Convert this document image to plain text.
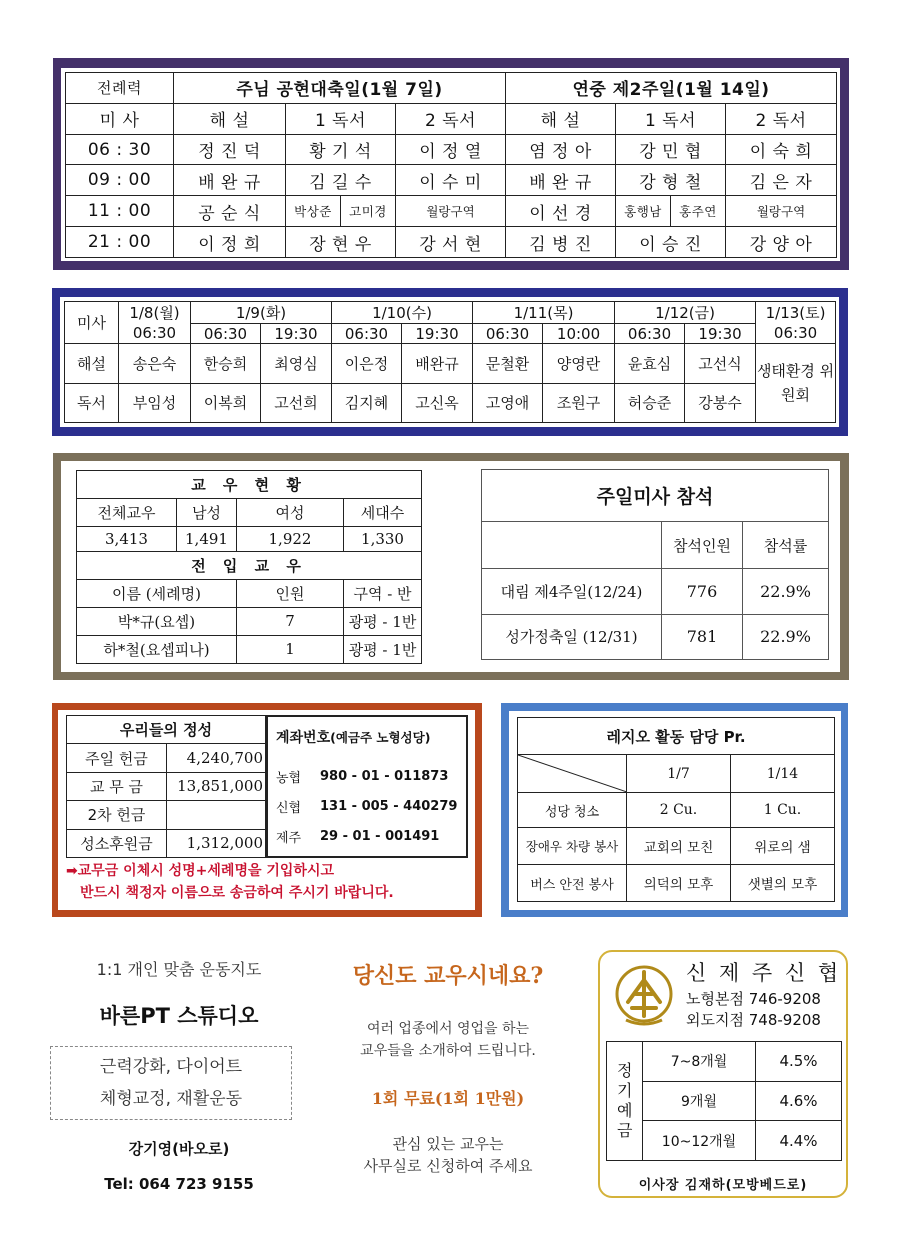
전례력	주님 공현대축일(1월 7일)			연중 제2주일(1월 14일)		
미 사	해 설	1 독서	2 독서	해 설	1 독서	2 독서
06 : 30	정 진 덕	황 기 석	이 정 열	염 정 아	강 민 협	이 숙 희
09 : 00	배 완 규	김 길 수	이 수 미	배 완 규	강 형 철	김 은 자
11 : 00	공 순 식	박상준 고미경	월랑구역	이 선 경	홍행남 홍주연	월랑구역
21 : 00	이 정 희	장 현 우	강 서 현	김 병 진	이 승 진	강 양 아
미사	1/8(월)	1/9(화)		1/10(수)		1/11(목)		1/12(금)		1/13(토)
	06:30	06:30	19:30	06:30	19:30	06:30	10:00	06:30	19:30	06:30
해설	송은숙	한승희	최영심	이은정	배완규	문철환	양영란	윤효심	고선식	생태환경 위원회
독서	부임성	이복희	고선희	김지혜	고신옥	고영애	조원구	허승준	강봉수	
교 우 현 황			
전체교우	남성	여성	세대수
3,413	1,491	1,922	1,330
전 입 교 우			
이름 (세례명)		인원	구역 - 반
박*규(요셉)		7	광평 - 1반
하*철(요셉피나)		1	광평 - 1반
주일미사 참석		
	참석인원	참석률
대림 제4주일(12/24)	776	22.9%
성가정축일 (12/31)	781	22.9%
우리들의 정성	
주일 헌금	4,240,700
교 무 금	13,851,000
2차 헌금	
성소후원금	1,312,000
계좌번호(예금주 노형성당)
농협	980 - 01 - 011873
신협	131 - 005 - 440279
제주	29 - 01 - 001491
➡교무금 이체시 성명+세례명을 기입하시고
반드시 책정자 이름으로 송금하여 주시기 바랍니다.
레지오 활동 담당 Pr.		

	1/7	1/14
성당 청소	2 Cu.	1 Cu.
장애우 차량 봉사	교회의 모친	위로의 샘
버스 안전 봉사	의덕의 모후	샛별의 모후
1:1 개인 맞춤 운동지도
바른PT 스튜디오
근력강화, 다이어트
체형교정, 재활운동
강기영(바오로)
Tel: 064 723 9155
당신도 교우시네요?
여러 업종에서 영업을 하는
교우들을 소개하여 드립니다.
1회 무료(1회 1만원)
관심 있는 교우는
사무실로 신청하여 주세요
신 제 주 신 협
노형본점 746-9208
외도지점 748-9208
정기예금	7~8개월	4.5%
	9개월	4.6%
	10~12개월	4.4%
이사장 김재하(모방베드로)
